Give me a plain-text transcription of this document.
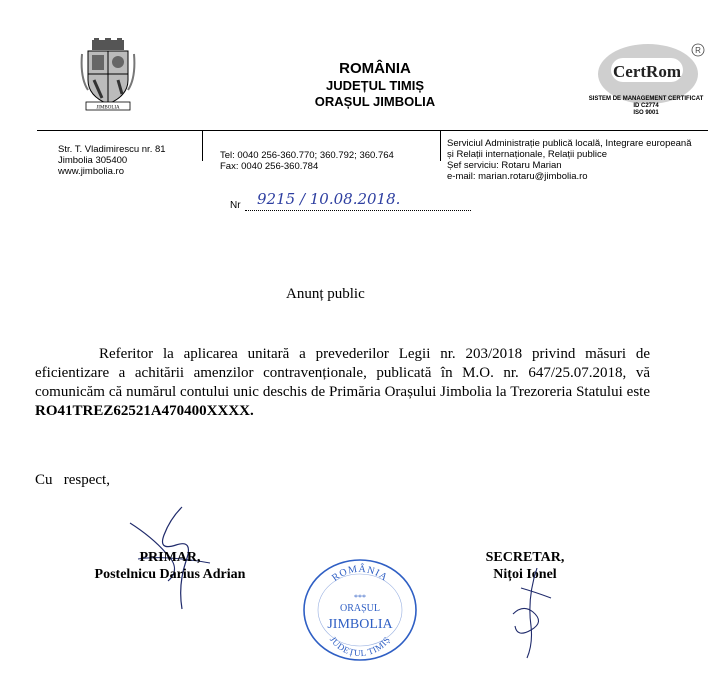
JIMBOLIA
ROMÂNIA
JUDEȚUL TIMIȘ
ORAȘUL JIMBOLIA
CertRom
R
SISTEM DE MANAGEMENT CERTIFICAT
ID C2774
ISO 9001
Str. T. Vladimirescu nr. 81
Jimbolia 305400
www.jimbolia.ro
Tel: 0040 256-360.770; 360.792; 360.764
Fax: 0040 256-360.784
Serviciul Administrație publică locală, Integrare europeană
și Relații internaționale, Relații publice
Șef serviciu: Rotaru Marian
e-mail: marian.rotaru@jimbolia.ro
Nr 9215 / 10.08.2018.
Anunț public
Referitor la aplicarea unitară a prevederilor Legii nr. 203/2018 privind măsuri de eficientizare a achitării amenzilor contravenționale, publicată în M.O. nr. 647/25.07.2018, vă comunicăm că numărul contului unic deschis de Primăria Orașului Jimbolia la Trezoreria Statului este RO41TREZ62521A470400XXXX.
Cu   respect,
PRIMAR,
Postelnicu Darius Adrian
SECRETAR,
Nițoi Ionel
ROMÂNIA
***
ORAȘUL
JIMBOLIA
JUDEȚUL TIMIȘ
